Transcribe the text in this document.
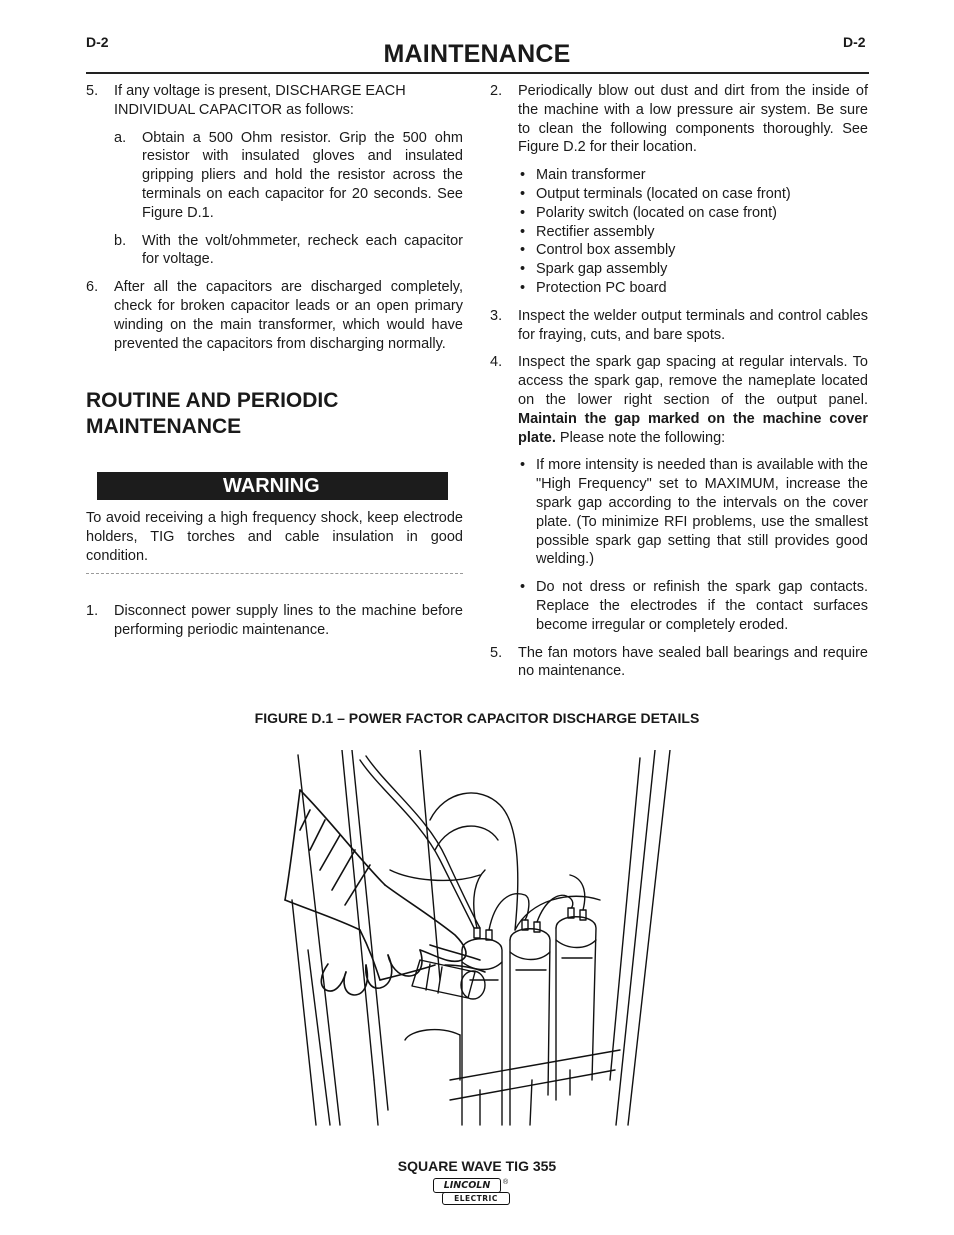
D-2	D-2
MAINTENANCE
5. If any voltage is present, DISCHARGE EACH INDIVIDUAL CAPACITOR as follows:

a. Obtain a 500 Ohm resistor. Grip the 500 ohm resistor with insulated gloves and insulated gripping pliers and hold the resistor across the terminals on each capacitor for 20 seconds. See Figure D.1.

b. With the volt/ohmmeter, recheck each capacitor for voltage.

6. After all the capacitors are discharged completely, check for broken capacitor leads or an open primary winding on the main transformer, which would have prevented the capacitors from discharging normally.

ROUTINE AND PERIODIC
MAINTENANCE
WARNING

To avoid receiving a high frequency shock, keep electrode holders, TIG torches and cable insulation in good condition.

1. Disconnect power supply lines to the machine before performing periodic maintenance.

2. Periodically blow out dust and dirt from the inside of the machine with a low pressure air system. Be sure to clean the following components thoroughly. See Figure D.2 for their location.

• Main transformer

• Output terminals (located on case front)

• Polarity switch (located on case front)

• Rectifier assembly

• Control box assembly

• Spark gap assembly

• Protection PC board

3. Inspect the welder output terminals and control cables for fraying, cuts, and bare spots.

4. Inspect the spark gap spacing at regular intervals. To access the spark gap, remove the nameplate located on the lower right section of the output panel. Maintain the gap marked on the machine cover plate. Please note the following:

• If more intensity is needed than is available with the "High Frequency" set to MAXIMUM, increase the spark gap according to the intervals on the cover plate. (To minimize RFI problems, use the smallest possible spark gap setting that still provides good welding.)

• Do not dress or refinish the spark gap contacts. Replace the electrodes if the contact surfaces become irregular or completely eroded.

5. The fan motors have sealed ball bearings and require no maintenance.

FIGURE D.1 – POWER FACTOR CAPACITOR DISCHARGE DETAILS
SQUARE WAVE TIG 355
LINCOLN
ELECTRIC
®
